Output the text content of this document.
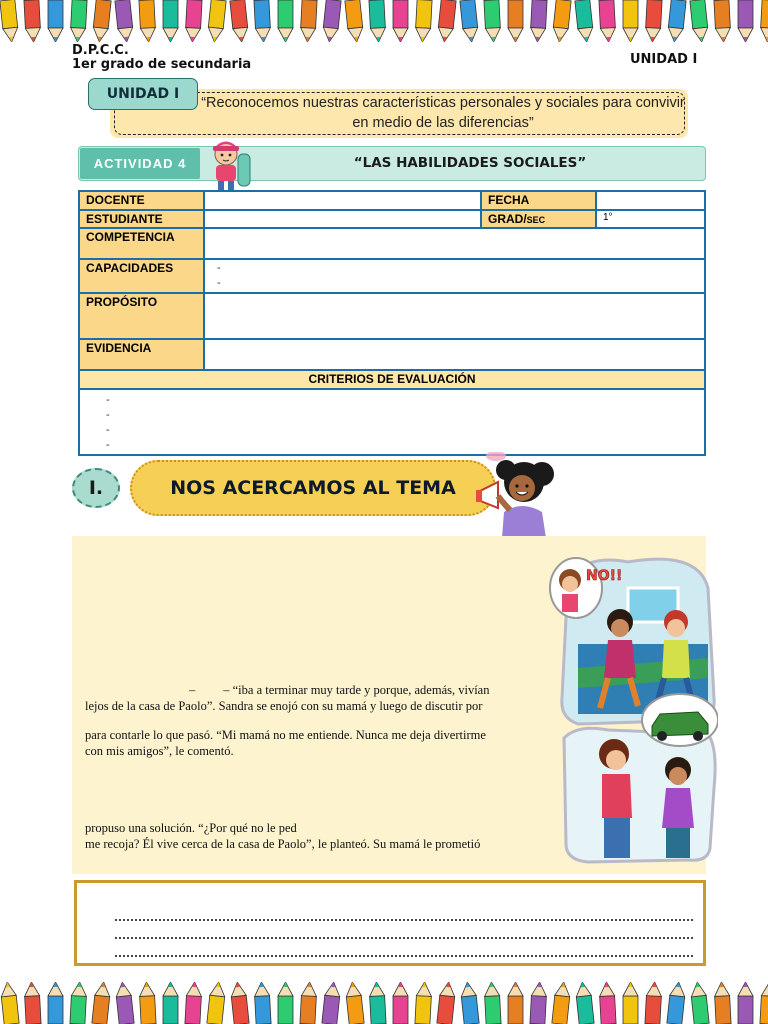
D.P.C.C.
1er grado de secundaria	UNIDAD I
UNIDAD I
“Reconocemos nuestras características personales y sociales para convivir en medio de las diferencias”
ACTIVIDAD 4	“LAS HABILIDADES SOCIALES”
DOCENTE		FECHA	
ESTUDIANTE		GRAD/SEC	1°
COMPETENCIA			
CAPACIDADES	-
-		

PROPÓSITO			
EVIDENCIA			
CRITERIOS DE EVALUACIÓN			

-
-
-
-			
I.	NOS ACERCAMOS AL TEMA
– – “iba a terminar muy tarde y porque, además, vivían
lejos de la casa de Paolo”. Sandra se enojó con su mamá y luego de discutir por
para contarle lo que pasó. “Mi mamá no me entiende. Nunca me deja divertirme
con mis amigos”, le comentó.
propuso una solución. “¿Por qué no le ped
me recoja? Él vive cerca de la casa de Paolo”, le planteó. Su mamá le prometió
NO!!
